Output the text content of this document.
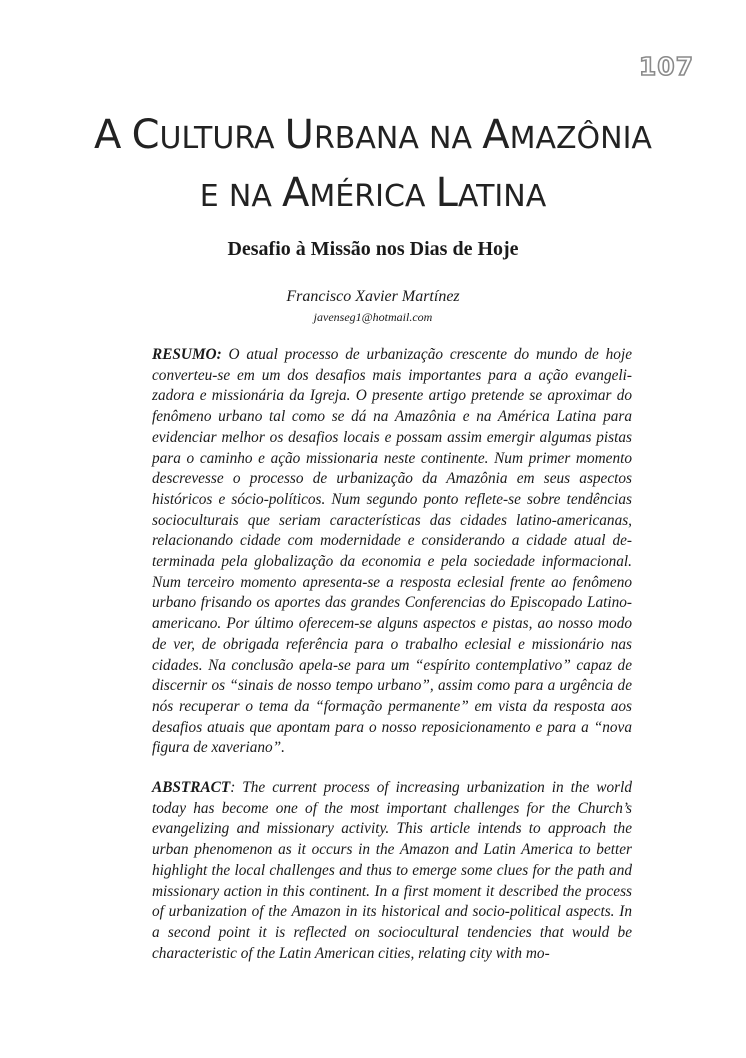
107
A CULTURA URBANA NA AMAZÔNIA
E NA AMÉRICA LATINA
Desafio à Missão nos Dias de Hoje
Francisco Xavier Martínez
javenseg1@hotmail.com

RESUMO: O atual processo de urbanização crescente do mundo de hoje converteu-se em um dos desafios mais importantes para a ação evangelizadora e missionária da Igreja. O presente artigo pretende se aproximar do fenômeno urbano tal como se dá na Amazônia e na América Latina para evidenciar melhor os desafios locais e possam assim emergir algumas pistas para o caminho e ação missionaria neste continente. Num primer momento descrevesse o processo de urbanização da Amazônia em seus aspectos históricos e sócio-políticos. Num segundo ponto reflete-se sobre tendências socioculturais que seriam características das cidades latino-americanas, relacionando cidade com modernidade e considerando a cidade atual determinada pela globalização da economia e pela sociedade informacional. Num terceiro momento apresenta-se a resposta eclesial frente ao fenômeno urbano frisando os aportes das grandes Conferencias do Episcopado Latino-americano. Por último oferecem-se alguns aspectos e pistas, ao nosso modo de ver, de obrigada referência para o trabalho eclesial e missionário nas cidades. Na conclusão apela-se para um “espírito contemplativo” capaz de discernir os “sinais de nosso tempo urbano”, assim como para a urgência de nós recuperar o tema da “formação permanente” em vista da resposta aos desafios atuais que apontam para o nosso reposicionamento e para a “nova figura de xaveriano”.

ABSTRACT: The current process of increasing urbanization in the world today has become one of the most important challenges for the Church’s evangelizing and missionary activity. This article intends to approach the urban phenomenon as it occurs in the Amazon and Latin America to better highlight the local challenges and thus to emerge some clues for the path and missionary action in this continent. In a first moment it described the process of urbanization of the Amazon in its historical and socio-political aspects. In a second point it is reflected on sociocultural tendencies that would be characteristic of the Latin American cities, relating city with mo-
